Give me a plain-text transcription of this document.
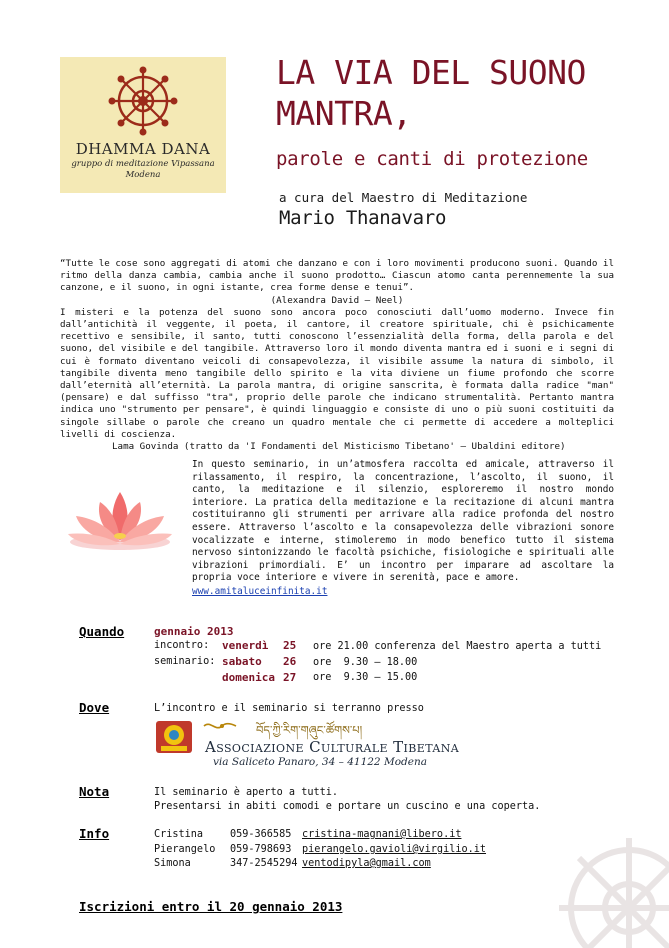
DHAMMA DANA
gruppo di meditazione Vipassana
Modena
LA VIA DEL SUONO
MANTRA,
parole e canti di protezione
a cura del Maestro di Meditazione
Mario Thanavaro
“Tutte le cose sono aggregati di atomi che danzano e con i loro movimenti producono suoni. Quando il ritmo della danza cambia, cambia anche il suono prodotto… Ciascun atomo canta perennemente la sua canzone, e il suono, in ogni istante, crea forme dense e tenui”.
(Alexandra David – Neel)
I misteri e la potenza del suono sono ancora poco conosciuti dall’uomo moderno. Invece fin dall’antichità il veggente, il poeta, il cantore, il creatore spirituale, chi è psichicamente recettivo e sensibile, il santo, tutti conoscono l’essenzialità della forma, della parola e del suono, del visibile e del tangibile. Attraverso loro il mondo diventa mantra ed i suoni e i segni di cui è formato diventano veicoli di consapevolezza, il visibile assume la natura di simbolo, il tangibile diventa meno tangibile dello spirito e la vita diviene un fiume profondo che scorre dall’eternità all’eternità. La parola mantra, di origine sanscrita, è formata dalla radice "man" (pensare) e dal suffisso "tra", proprio delle parole che indicano strumentalità. Pertanto mantra indica uno "strumento per pensare", è quindi linguaggio e consiste di uno o più suoni costituiti da singole sillabe o parole che creano un quadro mentale che ci permette di accedere a molteplici livelli di coscienza.
Lama Govinda (tratto da 'I Fondamenti del Misticismo Tibetano' – Ubaldini editore)
In questo seminario, in un’atmosfera raccolta ed amicale, attraverso il rilassamento, il respiro, la concentrazione, l’ascolto, il suono, il canto, la meditazione e il silenzio, esploreremo il nostro mondo interiore. La pratica della meditazione e la recitazione di alcuni mantra costituiranno gli strumenti per arrivare alla radice profonda del nostro essere. Attraverso l’ascolto e la consapevolezza delle vibrazioni sonore vocalizzate e interne, stimoleremo in modo benefico tutto il sistema nervoso sintonizzando le facoltà psichiche, fisiologiche e spirituali alle vibrazioni primordiali. E’ un incontro per imparare ad ascoltare la propria voce interiore e vivere in serenità, pace e amore.
www.amitaluceinfinita.it
Quando	gennaio 2013
incontro: venerdì 25 ore 21.00 conferenza del Maestro aperta a tutti
seminario: sabato 26 ore  9.30 – 18.00
domenica 27 ore  9.30 – 15.00
Dove	L’incontro e il seminario si terranno presso
བོད་ཀྱི་རིག་གཞུང་ཚོགས་པ།
Associazione Culturale Tibetana
via Saliceto Panaro, 34 – 41122 Modena
Nota	Il seminario è aperto a tutti.
Presentarsi in abiti comodi e portare un cuscino e una coperta.
Info	Cristina	059-366585 cristina-magnani@libero.it
Pierangelo 059-798693 pierangelo.gavioli@virgilio.it
Simona	347-2545294 ventodipyla@gmail.com
Iscrizioni entro il 20 gennaio 2013
